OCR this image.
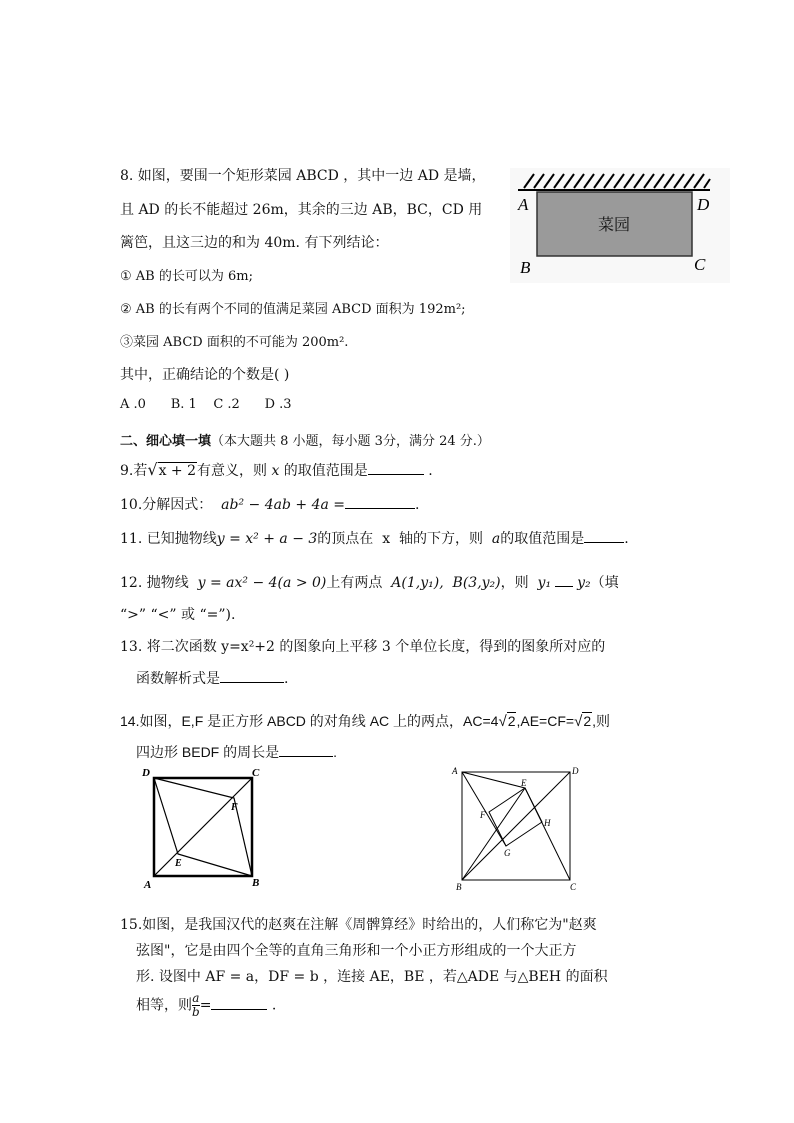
8. 如图，要围一个矩形菜园 ABCD ，其中一边 AD 是墙，
且 AD 的长不能超过 26m，其余的三边 AB，BC，CD 用
篱笆，且这三边的和为 40m. 有下列结论：
① AB 的长可以为 6m;
② AB 的长有两个不同的值满足菜园 ABCD 面积为 192m²;
③菜园 ABCD 面积的不可能为 200m².
其中，正确结论的个数是( )
A .0      B. 1    C .2      D .3
菜园
A	D
B	C
二、细心填一填（本大题共 8 小题，每小题 3分，满分 24 分.）
9.若√x + 2有意义，则 x 的取值范围是	.
10.分解因式：  ab² − 4ab + 4a =	.
11. 已知抛物线y = x² + a − 3的顶点在  x  轴的下方，则  a的取值范围是	.
12. 抛物线  y = ax² − 4(a > 0)上有两点  A(1,y₁),  B(3,y₂)，则  y₁ y₂（填
“>” “<” 或 “=”).
13. 将二次函数 y=x²+2 的图象向上平移 3 个单位长度，得到的图象所对应的
函数解析式是	.
14.如图，E,F 是正方形 ABCD 的对角线 AC 上的两点，AC=4√2,AE=CF=√2,则
四边形 BEDF 的周长是	.
D	C
A	B
E
F
A	D
B	C
E
F
H
G
15.如图，是我国汉代的赵爽在注解《周髀算经》时给出的，人们称它为"赵爽
弦图"，它是由四个全等的直角三角形和一个小正方形组成的一个大正方
形. 设图中 AF = a，DF = b ，连接 AE，BE ，若△ADE 与△BEH 的面积
相等，则 $\frac{a}{b}$ =	.
